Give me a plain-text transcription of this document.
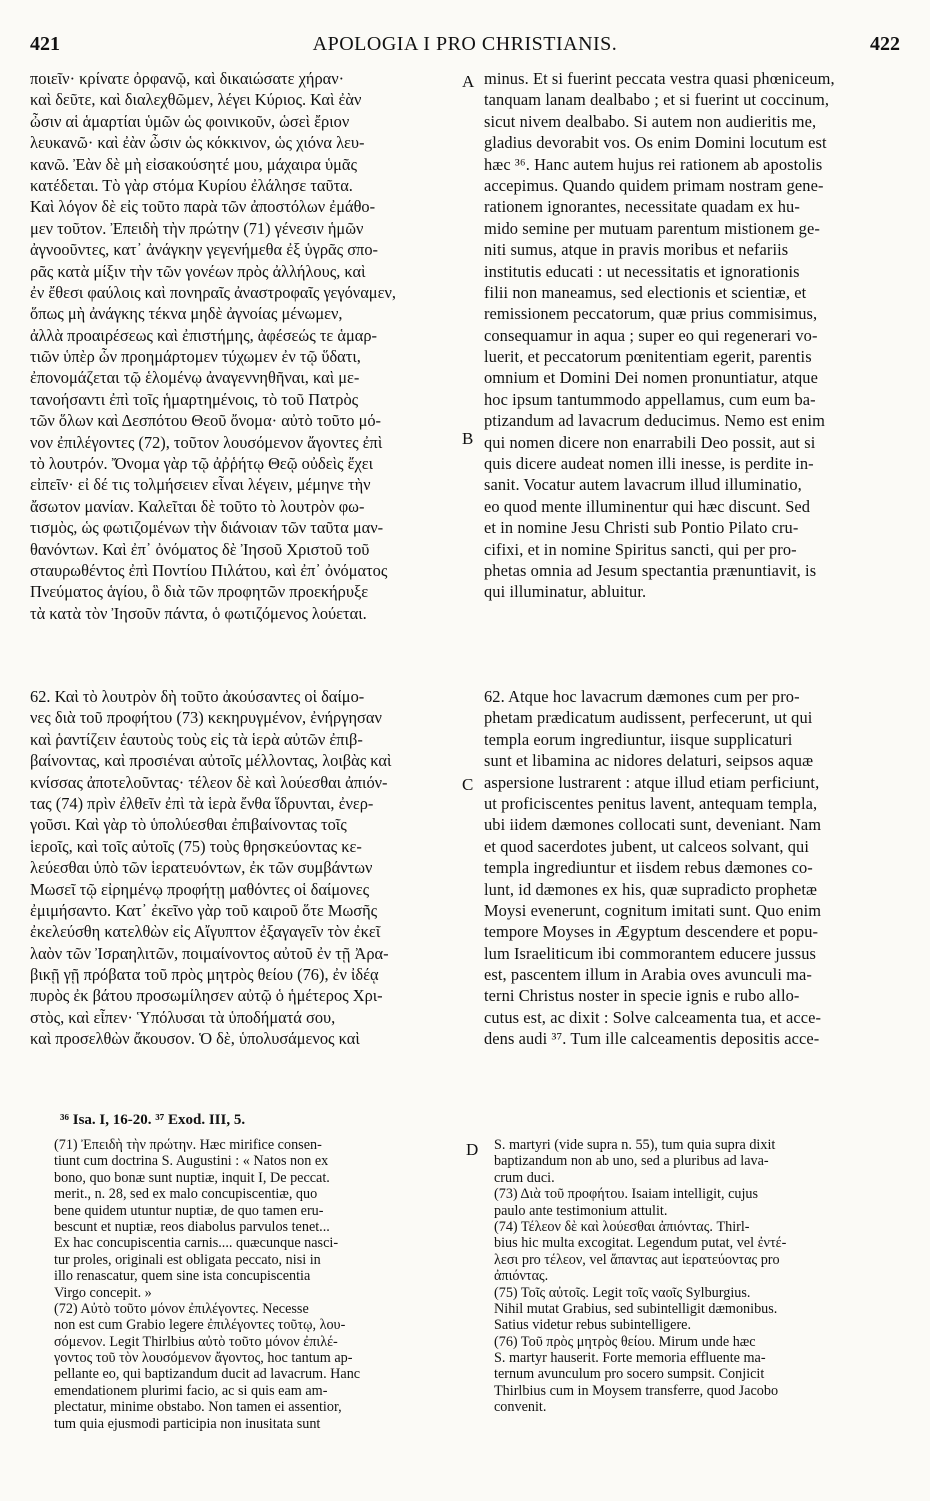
421	APOLOGIA I PRO CHRISTIANIS.	422
A
B
C
D
ποιεῖν· κρίνατε ὀρφανῷ, καὶ δικαιώσατε χήραν·
καὶ δεῦτε, καὶ διαλεχθῶμεν, λέγει Κύριος. Καὶ ἐὰν
ὦσιν αἱ ἁμαρτίαι ὑμῶν ὡς φοινικοῦν, ὡσεὶ ἔριον
λευκανῶ· καὶ ἐὰν ὦσιν ὡς κόκκινον, ὡς χιόνα λευ-
κανῶ. Ἐὰν δὲ μὴ εἰσακούσητέ μου, μάχαιρα ὑμᾶς
κατέδεται. Τὸ γὰρ στόμα Κυρίου ἐλάλησε ταῦτα.
Καὶ λόγον δὲ εἰς τοῦτο παρὰ τῶν ἀποστόλων ἐμάθο-
μεν τοῦτον. Ἐπειδὴ τὴν πρώτην (71) γένεσιν ἡμῶν
ἀγνοοῦντες, κατ᾽ ἀνάγκην γεγενήμεθα ἐξ ὑγρᾶς σπο-
ρᾶς κατὰ μίξιν τὴν τῶν γονέων πρὸς ἀλλήλους, καὶ
ἐν ἔθεσι φαύλοις καὶ πονηραῖς ἀναστροφαῖς γεγόναμεν,
ὅπως μὴ ἀνάγκης τέκνα μηδὲ ἀγνοίας μένωμεν,
ἀλλὰ προαιρέσεως καὶ ἐπιστήμης, ἀφέσεώς τε ἁμαρ-
τιῶν ὑπὲρ ὧν προημάρτομεν τύχωμεν ἐν τῷ ὕδατι,
ἐπονομάζεται τῷ ἑλομένῳ ἀναγεννηθῆναι, καὶ με-
τανοήσαντι ἐπὶ τοῖς ἡμαρτημένοις, τὸ τοῦ Πατρὸς
τῶν ὅλων καὶ Δεσπότου Θεοῦ ὄνομα· αὐτὸ τοῦτο μό-
νον ἐπιλέγοντες (72), τοῦτον λουσόμενον ἄγοντες ἐπὶ
τὸ λουτρόν. Ὄνομα γὰρ τῷ ἀῤῥήτῳ Θεῷ οὐδεὶς ἔχει
εἰπεῖν· εἰ δέ τις τολμήσειεν εἶναι λέγειν, μέμηνε τὴν
ἄσωτον μανίαν. Καλεῖται δὲ τοῦτο τὸ λουτρὸν φω-
τισμὸς, ὡς φωτιζομένων τὴν διάνοιαν τῶν ταῦτα μαν-
θανόντων. Καὶ ἐπ᾽ ὀνόματος δὲ Ἰησοῦ Χριστοῦ τοῦ
σταυρωθέντος ἐπὶ Ποντίου Πιλάτου, καὶ ἐπ᾽ ὀνόματος
Πνεύματος ἁγίου, ὃ διὰ τῶν προφητῶν προεκήρυξε
τὰ κατὰ τὸν Ἰησοῦν πάντα, ὁ φωτιζόμενος λούεται.
62. Καὶ τὸ λουτρὸν δὴ τοῦτο ἀκούσαντες οἱ δαίμο-
νες διὰ τοῦ προφήτου (73) κεκηρυγμένον, ἐνήργησαν
καὶ ῥαντίζειν ἑαυτοὺς τοὺς εἰς τὰ ἱερὰ αὐτῶν ἐπιβ-
βαίνοντας, καὶ προσιέναι αὐτοῖς μέλλοντας, λοιβὰς καὶ
κνίσσας ἀποτελοῦντας· τέλεον δὲ καὶ λούεσθαι ἀπιόν-
τας (74) πρὶν ἐλθεῖν ἐπὶ τὰ ἱερὰ ἔνθα ἵδρυνται, ἐνερ-
γοῦσι. Καὶ γὰρ τὸ ὑπολύεσθαι ἐπιβαίνοντας τοῖς
ἱεροῖς, καὶ τοῖς αὐτοῖς (75) τοὺς θρησκεύοντας κε-
λεύεσθαι ὑπὸ τῶν ἱερατευόντων, ἐκ τῶν συμβάντων
Μωσεῖ τῷ εἰρημένῳ προφήτῃ μαθόντες οἱ δαίμονες
ἐμιμήσαντο. Κατ᾽ ἐκεῖνο γὰρ τοῦ καιροῦ ὅτε Μωσῆς
ἐκελεύσθη κατελθὼν εἰς Αἴγυπτον ἐξαγαγεῖν τὸν ἐκεῖ
λαὸν τῶν Ἰσραηλιτῶν, ποιμαίνοντος αὐτοῦ ἐν τῇ Ἀρα-
βικῇ γῇ πρόβατα τοῦ πρὸς μητρὸς θείου (76), ἐν ἰδέᾳ
πυρὸς ἐκ βάτου προσωμίλησεν αὐτῷ ὁ ἡμέτερος Χρι-
στὸς, καὶ εἶπεν· Ὑπόλυσαι τὰ ὑποδήματά σου,
καὶ προσελθὼν ἄκουσον. Ὁ δὲ, ὑπολυσάμενος καὶ
minus. Et si fuerint peccata vestra quasi phœniceum,
tanquam lanam dealbabo ; et si fuerint ut coccinum,
sicut nivem dealbabo. Si autem non audieritis me,
gladius devorabit vos. Os enim Domini locutum est
hæc ³⁶. Hanc autem hujus rei rationem ab apostolis
accepimus. Quando quidem primam nostram gene-
rationem ignorantes, necessitate quadam ex hu-
mido semine per mutuam parentum mistionem ge-
niti sumus, atque in pravis moribus et nefariis
institutis educati : ut necessitatis et ignorationis
filii non maneamus, sed electionis et scientiæ, et
remissionem peccatorum, quæ prius commisimus,
consequamur in aqua ; super eo qui regenerari vo-
luerit, et peccatorum pœnitentiam egerit, parentis
omnium et Domini Dei nomen pronuntiatur, atque
hoc ipsum tantummodo appellamus, cum eum ba-
ptizandum ad lavacrum deducimus. Nemo est enim
qui nomen dicere non enarrabili Deo possit, aut si
quis dicere audeat nomen illi inesse, is perdite in-
sanit. Vocatur autem lavacrum illud illuminatio,
eo quod mente illuminentur qui hæc discunt. Sed
et in nomine Jesu Christi sub Pontio Pilato cru-
cifixi, et in nomine Spiritus sancti, qui per pro-
phetas omnia ad Jesum spectantia prænuntiavit, is
qui illuminatur, abluitur.
62. Atque hoc lavacrum dæmones cum per pro-
phetam prædicatum audissent, perfecerunt, ut qui
templa eorum ingrediuntur, iisque supplicaturi
sunt et libamina ac nidores delaturi, seipsos aquæ
aspersione lustrarent : atque illud etiam perficiunt,
ut proficiscentes penitus lavent, antequam templa,
ubi iidem dæmones collocati sunt, deveniant. Nam
et quod sacerdotes jubent, ut calceos solvant, qui
templa ingrediuntur et iisdem rebus dæmones co-
lunt, id dæmones ex his, quæ supradicto prophetæ
Moysi evenerunt, cognitum imitati sunt. Quo enim
tempore Moyses in Ægyptum descendere et popu-
lum Israeliticum ibi commorantem educere jussus
est, pascentem illum in Arabia oves avunculi ma-
terni Christus noster in specie ignis e rubo allo-
cutus est, ac dixit : Solve calceamenta tua, et acce-
dens audi ³⁷. Tum ille calceamentis depositis acce-
³⁶ Isa. I, 16-20. ³⁷ Exod. III, 5.
(71) Ἐπειδὴ τὴν πρώτην. Hæc mirifice consen-
tiunt cum doctrina S. Augustini : « Natos non ex
bono, quo bonæ sunt nuptiæ, inquit I, De peccat.
merit., n. 28, sed ex malo concupiscentiæ, quo
bene quidem utuntur nuptiæ, de quo tamen eru-
bescunt et nuptiæ, reos diabolus parvulos tenet...
Ex hac concupiscentia carnis.... quæcunque nasci-
tur proles, originali est obligata peccato, nisi in
illo renascatur, quem sine ista concupiscentia
Virgo concepit. »
(72) Αὐτὸ τοῦτο μόνον ἐπιλέγοντες. Necesse
non est cum Grabio legere ἐπιλέγοντες τοῦτῳ, λου-
σόμενον. Legit Thirlbius αὐτὸ τοῦτο μόνον ἐπιλέ-
γοντος τοῦ τὸν λουσόμενον ἄγοντος, hoc tantum ap-
pellante eo, qui baptizandum ducit ad lavacrum. Hanc
emendationem plurimi facio, ac si quis eam am-
plectatur, minime obstabo. Non tamen ei assentior,
tum quia ejusmodi participia non inusitata sunt
S. martyri (vide supra n. 55), tum quia supra dixit
baptizandum non ab uno, sed a pluribus ad lava-
crum duci.
(73) Διὰ τοῦ προφήτου. Isaiam intelligit, cujus
paulo ante testimonium attulit.
(74) Τέλεον δὲ καὶ λούεσθαι ἀπιόντας. Thirl-
bius hic multa excogitat. Legendum putat, vel ἐντέ-
λεσι pro τέλεον, vel ἅπαντας aut ἱερατεύοντας pro
ἀπιόντας.
(75) Τοῖς αὐτοῖς. Legit τοῖς ναοῖς Sylburgius.
Nihil mutat Grabius, sed subintelligit dæmonibus.
Satius videtur rebus subintelligere.
(76) Τοῦ πρὸς μητρὸς θείου. Mirum unde hæc
S. martyr hauserit. Forte memoria effluente ma-
ternum avunculum pro socero sumpsit. Conjicit
Thirlbius cum in Moysem transferre, quod Jacobo
convenit.
